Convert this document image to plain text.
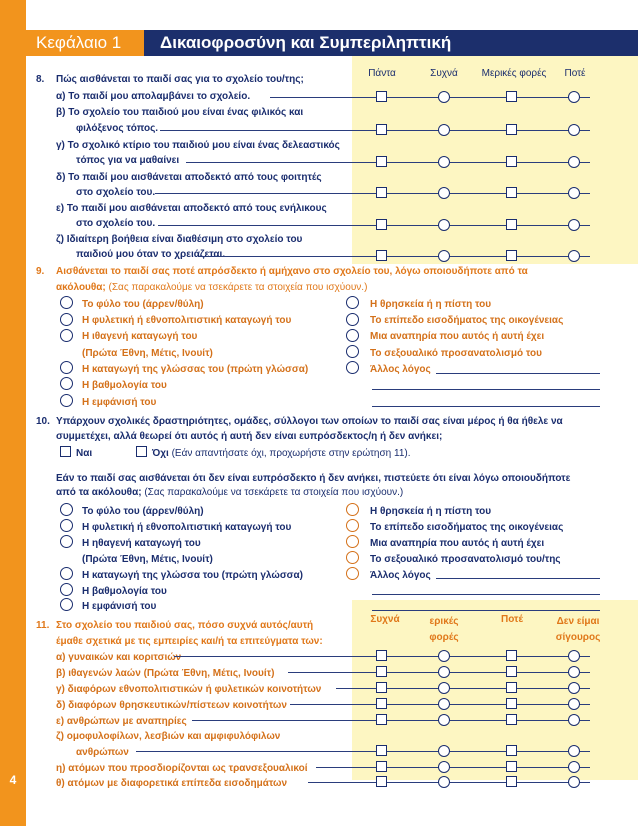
4
Κεφάλαιο 1	Δικαιοφροσύνη και Συμπεριληπτική
8. Πώς αισθάνεται το παιδί σας για το σχολείο του/της;
Πάντα	Συχνά	Μερικές φορές	Ποτέ
α) Το παιδί μου απολαμβάνει το σχολείο.
β) Το σχολείο του παιδιού μου είναι ένας φιλικός και
φιλόξενος τόπος.
γ) Το σχολικό κτίριο του παιδιού μου είναι ένας δελεαστικός
τόπος για να μαθαίνει
δ) Το παιδί μου αισθάνεται αποδεκτό από τους φοιτητές
στο σχολείο του.
ε) Το παιδί μου αισθάνεται αποδεκτό από τους ενήλικους
στο σχολείο του.
ζ) Ιδιαίτερη βοήθεια είναι διαθέσιμη στο σχολείο του
παιδιού μου όταν το χρειάζεται.
9. Αισθάνεται το παιδί σας ποτέ απρόσδεκτο ή αμήχανο στο σχολείο του, λόγω οποιουδήποτε από τα
ακόλουθα; (Σας παρακαλούμε να τσεκάρετε τα στοιχεία που ισχύουν.)
Το φύλο του (άρρεν/θύλη)
Η φυλετική ή εθνοπολιτιστική καταγωγή του
Η ιθαγενή καταγωγή του
(Πρώτα Έθνη, Μέτις, Ινουίτ)
Η καταγωγή της γλώσσας του (πρώτη γλώσσα)
Η βαθμολογία του
Η εμφάνισή του
Η θρησκεία ή η πίστη του
Το επίπεδο εισοδήματος της οικογένειας
Μια αναπηρία που αυτός ή αυτή έχει
Το σεξουαλικό προσανατολισμό του
Άλλος λόγος
10. Υπάρχουν σχολικές δραστηριότητες, ομάδες, σύλλογοι των οποίων το παιδί σας είναι μέρος ή θα ήθελε να
συμμετέχει, αλλά θεωρεί ότι αυτός ή αυτή δεν είναι ευπρόσδεκτος/η ή δεν ανήκει;
Ναι	Όχι (Εάν απαντήσατε όχι, προχωρήστε στην ερώτηση 11).
Εάν το παιδί σας αισθάνεται ότι δεν είναι ευπρόσδεκτο ή δεν ανήκει, πιστεύετε ότι είναι λόγω οποιουδήποτε
από τα ακόλουθα; (Σας παρακαλούμε να τσεκάρετε τα στοιχεία που ισχύουν.)
Το φύλο του (άρρεν/θύλη)
Η φυλετική ή εθνοπολιτιστική καταγωγή του
Η ηθαγενή καταγωγή του
(Πρώτα Έθνη, Μέτις, Ινουίτ)
Η καταγωγή της γλώσσα του (πρώτη γλώσσα)
Η βαθμολογία του
Η εμφάνισή του
Η θρησκεία ή η πίστη του
Το επίπεδο εισοδήματος της οικογένειας
Μια αναπηρία που αυτός ή αυτή έχει
Το σεξουαλικό προσανατολισμό του/της
Άλλος λόγος
11. Στο σχολείο του παιδιού σας, πόσο συχνά αυτός/αυτή
έμαθε σχετικά με τις εμπειρίες και/ή τα επιτεύγματα των:
Συχνά	ερικές φορές
Ποτέ	Δεν είμαι σίγουρος
α) γυναικών και κοριτσιών
β) ιθαγενών λαών (Πρώτα Έθνη, Μέτις, Ινουίτ)
γ) διαφόρων εθνοπολιτιστικών ή φυλετικών κοινοτήτων
δ) διαφόρων θρησκευτικών/πίστεων κοινοτήτων
ε) ανθρώπων με αναπηρίες
ζ) ομοφυλοφίλων, λεσβιών και αμφιφυλόφιλων
ανθρώπων
η) ατόμων που προσδιορίζονται ως τρανσεξουαλικοί
θ) ατόμων με διαφορετικά επίπεδα εισοδημάτων
